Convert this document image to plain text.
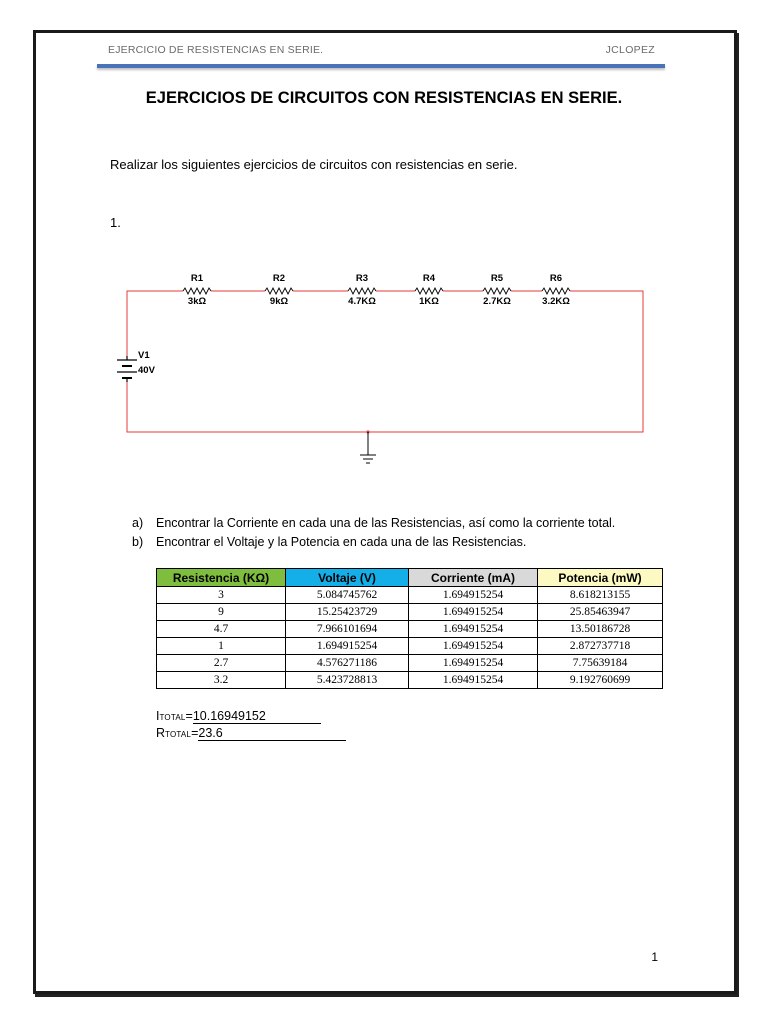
EJERCICIO DE RESISTENCIAS EN SERIE.	JCLOPEZ
EJERCICIOS DE CIRCUITOS CON RESISTENCIAS EN SERIE.
Realizar los siguientes ejercicios de circuitos con resistencias en serie.
1.
R1
3kΩ
R2
9kΩ
R3
4.7KΩ
R4
1KΩ
R5
2.7KΩ
R6
3.2KΩ
V1
40V
a)	Encontrar la Corriente en cada una de las Resistencias, así como la corriente total.
b)	Encontrar el Voltaje y la Potencia en cada una de las Resistencias.
Resistencia (KΩ)	Voltaje (V)	Corriente (mA)	Potencia (mW)
3	5.084745762	1.694915254	8.618213155
9	15.25423729	1.694915254	25.85463947
4.7	7.966101694	1.694915254	13.50186728
1	1.694915254	1.694915254	2.872737718
2.7	4.576271186	1.694915254	7.75639184
3.2	5.423728813	1.694915254	9.192760699
ITOTAL=10.16949152
RTOTAL=23.6
1
